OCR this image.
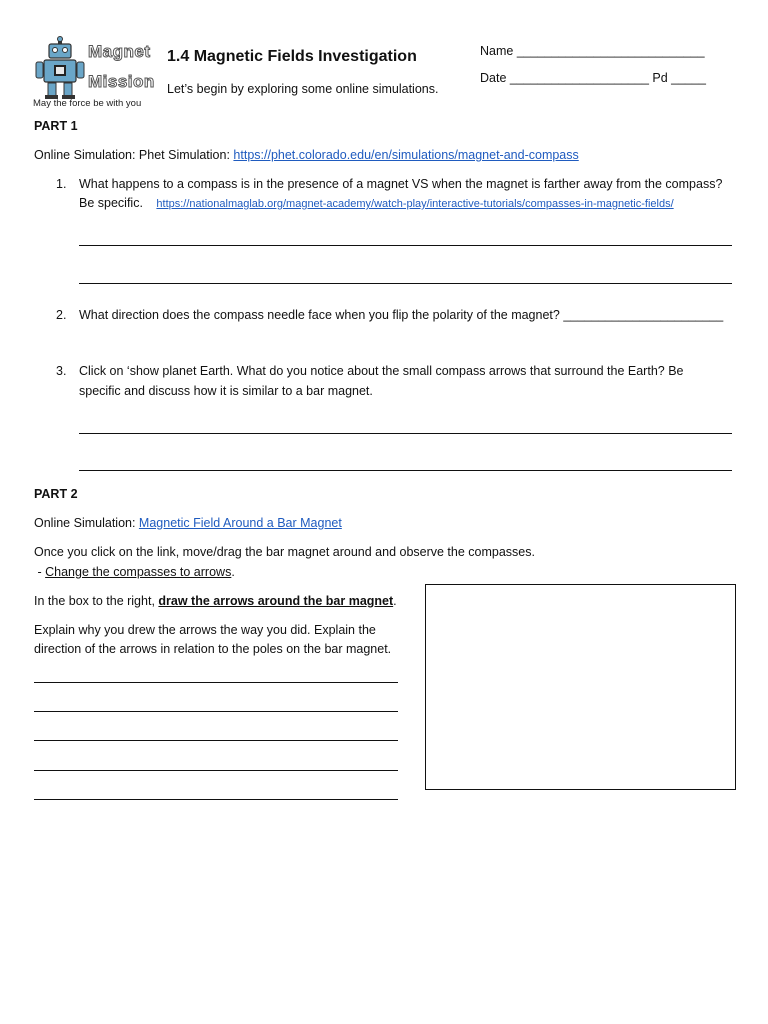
Magnet
Mission
May the force be with you
1.4 Magnetic Fields Investigation
Let’s begin by exploring some online simulations.
Name ___________________________
Date ____________________ Pd _____
PART 1
Online Simulation: Phet Simulation: https://phet.colorado.edu/en/simulations/magnet-and-compass
1. What happens to a compass is in the presence of a magnet VS when the magnet is farther away from the compass?
Be specific. https://nationalmaglab.org/magnet-academy/watch-play/interactive-tutorials/compasses-in-magnetic-fields/
2. What direction does the compass needle face when you flip the polarity of the magnet? _______________________
3. Click on ‘show planet Earth. What do you notice about the small compass arrows that surround the Earth? Be
specific and discuss how it is similar to a bar magnet.
PART 2
Online Simulation: Magnetic Field Around a Bar Magnet
Once you click on the link, move/drag the bar magnet around and observe the compasses.
- Change the compasses to arrows.
In the box to the right, draw the arrows around the bar magnet.
Explain why you drew the arrows the way you did. Explain the
direction of the arrows in relation to the poles on the bar magnet.
